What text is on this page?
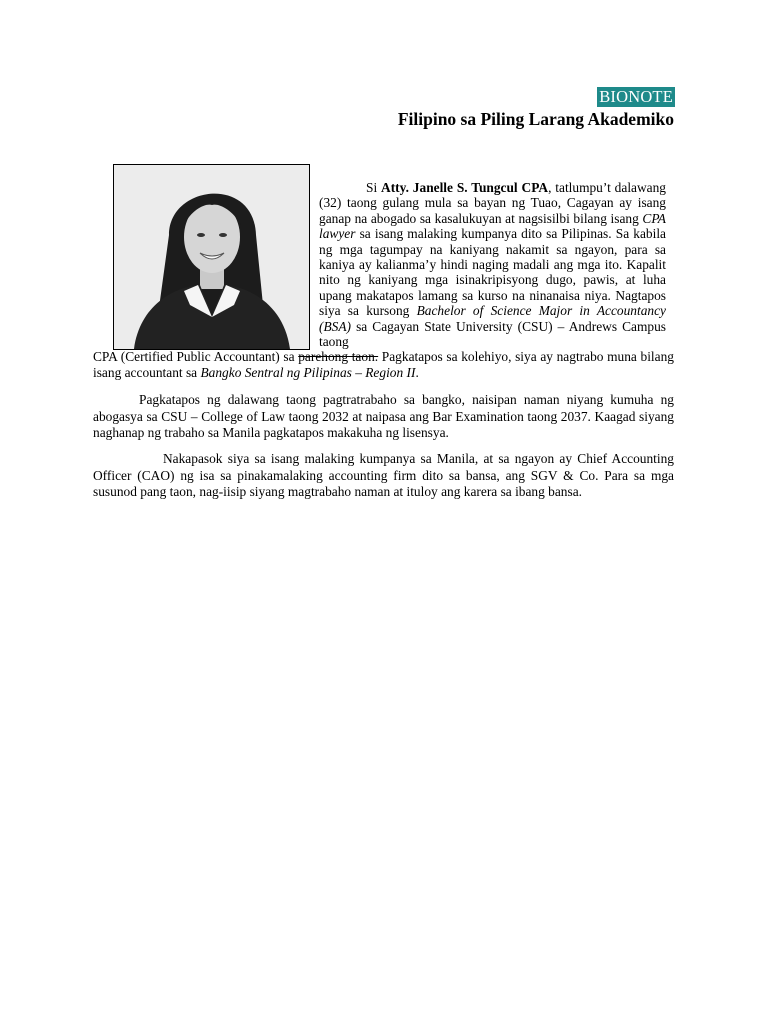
BIONOTE
Filipino sa Piling Larang Akademiko

Si Atty. Janelle S. Tungcul CPA, tatlumpu’t dalawang (32) taong gulang mula sa bayan ng Tuao, Cagayan ay isang ganap na abogado sa kasalukuyan at nagsisilbi bilang isang CPA lawyer sa isang malaking kumpanya dito sa Pilipinas. Sa kabila ng mga tagumpay na kaniyang nakamit sa ngayon, para sa kaniya ay kalianma’y hindi naging madali ang mga ito. Kapalit nito ng kaniyang mga isinakripisyong dugo, pawis, at luha upang makatapos lamang sa kurso na ninanaisa niya. Nagtapos siya sa kursong Bachelor of Science Major in Accountancy (BSA) sa Cagayan State University (CSU) – Andrews Campus taong

CPA (Certified Public Accountant) sa parehong taon. Pagkatapos sa kolehiyo, siya ay nagtrabo muna bilang isang accountant sa Bangko Sentral ng Pilipinas – Region II.

Pagkatapos ng dalawang taong pagtratrabaho sa bangko, naisipan naman niyang kumuha ng abogasya sa CSU – College of Law taong 2032 at naipasa ang Bar Examination taong 2037. Kaagad siyang naghanap ng trabaho sa Manila pagkatapos makakuha ng lisensya.

Nakapasok siya sa isang malaking kumpanya sa Manila, at sa ngayon ay Chief Accounting Officer (CAO) ng isa sa pinakamalaking accounting firm dito sa bansa, ang SGV & Co. Para sa mga susunod pang taon, nag-iisip siyang magtrabaho naman at ituloy ang karera sa ibang bansa.
